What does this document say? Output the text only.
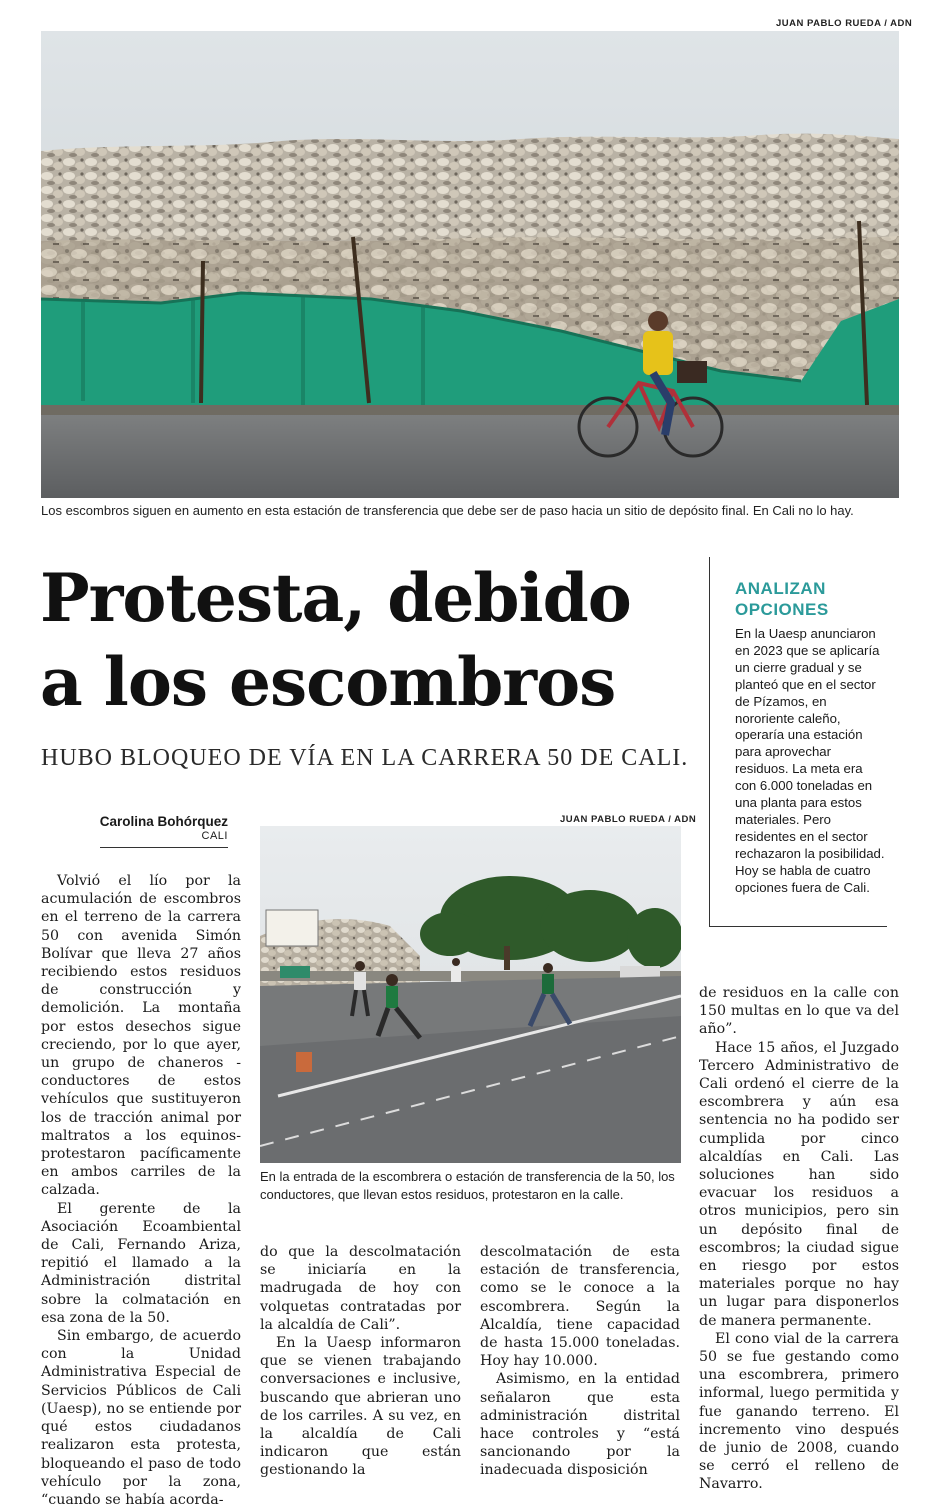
JUAN PABLO RUEDA / ADN
Los escombros siguen en aumento en esta estación de transferencia que debe ser de paso hacia un sitio de depósito final. En Cali no lo hay.
Protesta, debido
a los escombros
HUBO BLOQUEO DE VÍA EN LA CARRERA 50 DE CALI.
ANALIZAN
OPCIONES
En la Uaesp anunciaron en 2023 que se aplicaría un cierre gradual y se planteó que en el sector de Pízamos, en nororiente caleño, operaría una estación para aprovechar residuos. La meta era con 6.000 toneladas en una planta para estos materiales. Pero residentes en el sector rechazaron la posibilidad. Hoy se habla de cuatro opciones fuera de Cali.
Carolina Bohórquez
CALI
JUAN PABLO RUEDA / ADN
En la entrada de la escombrera o estación de transferencia de la 50, los conductores, que llevan estos residuos, protestaron en la calle.

Volvió el lío por la acumulación de escombros en el terreno de la carrera 50 con avenida Simón Bolívar que lleva 27 años recibiendo estos residuos de construcción y demolición. La montaña por estos desechos sigue creciendo, por lo que ayer, un grupo de chaneros -conductores de estos vehículos que sustituyeron los de tracción animal por maltratos a los equinos- protestaron pacíficamente en ambos carriles de la calzada.

El gerente de la Asociación Ecoambiental de Cali, Fernando Ariza, repitió el llamado a la Administración distrital sobre la colmatación en esa zona de la 50.

Sin embargo, de acuerdo con la Unidad Administrativa Especial de Servicios Públicos de Cali (Uaesp), no se entiende por qué estos ciudadanos realizaron esta protesta, bloqueando el paso de todo vehículo por la zona, “cuando se había acorda-

do que la descolmatación se iniciaría en la madrugada de hoy con volquetas contratadas por la alcaldía de Cali”.

En la Uaesp informaron que se vienen trabajando conversaciones e inclusive, buscando que abrieran uno de los carriles. A su vez, en la alcaldía de Cali indicaron que están gestionando la

descolmatación de esta estación de transferencia, como se le conoce a la escombrera. Según la Alcaldía, tiene capacidad de hasta 15.000 toneladas. Hoy hay 10.000.

Asimismo, en la entidad señalaron que esta administración distrital hace controles y “está sancionando por la inadecuada disposición

de residuos en la calle con 150 multas en lo que va del año”.

Hace 15 años, el Juzgado Tercero Administrativo de Cali ordenó el cierre de la escombrera y aún esa sentencia no ha podido ser cumplida por cinco alcaldías en Cali. Las soluciones han sido evacuar los residuos a otros municipios, pero sin un depósito final de escombros; la ciudad sigue en riesgo por estos materiales porque no hay un lugar para disponerlos de manera permanente.

El cono vial de la carrera 50 se fue gestando como una escombrera, primero informal, luego permitida y fue ganando terreno. El incremento vino después de junio de 2008, cuando se cerró el relleno de Navarro.
